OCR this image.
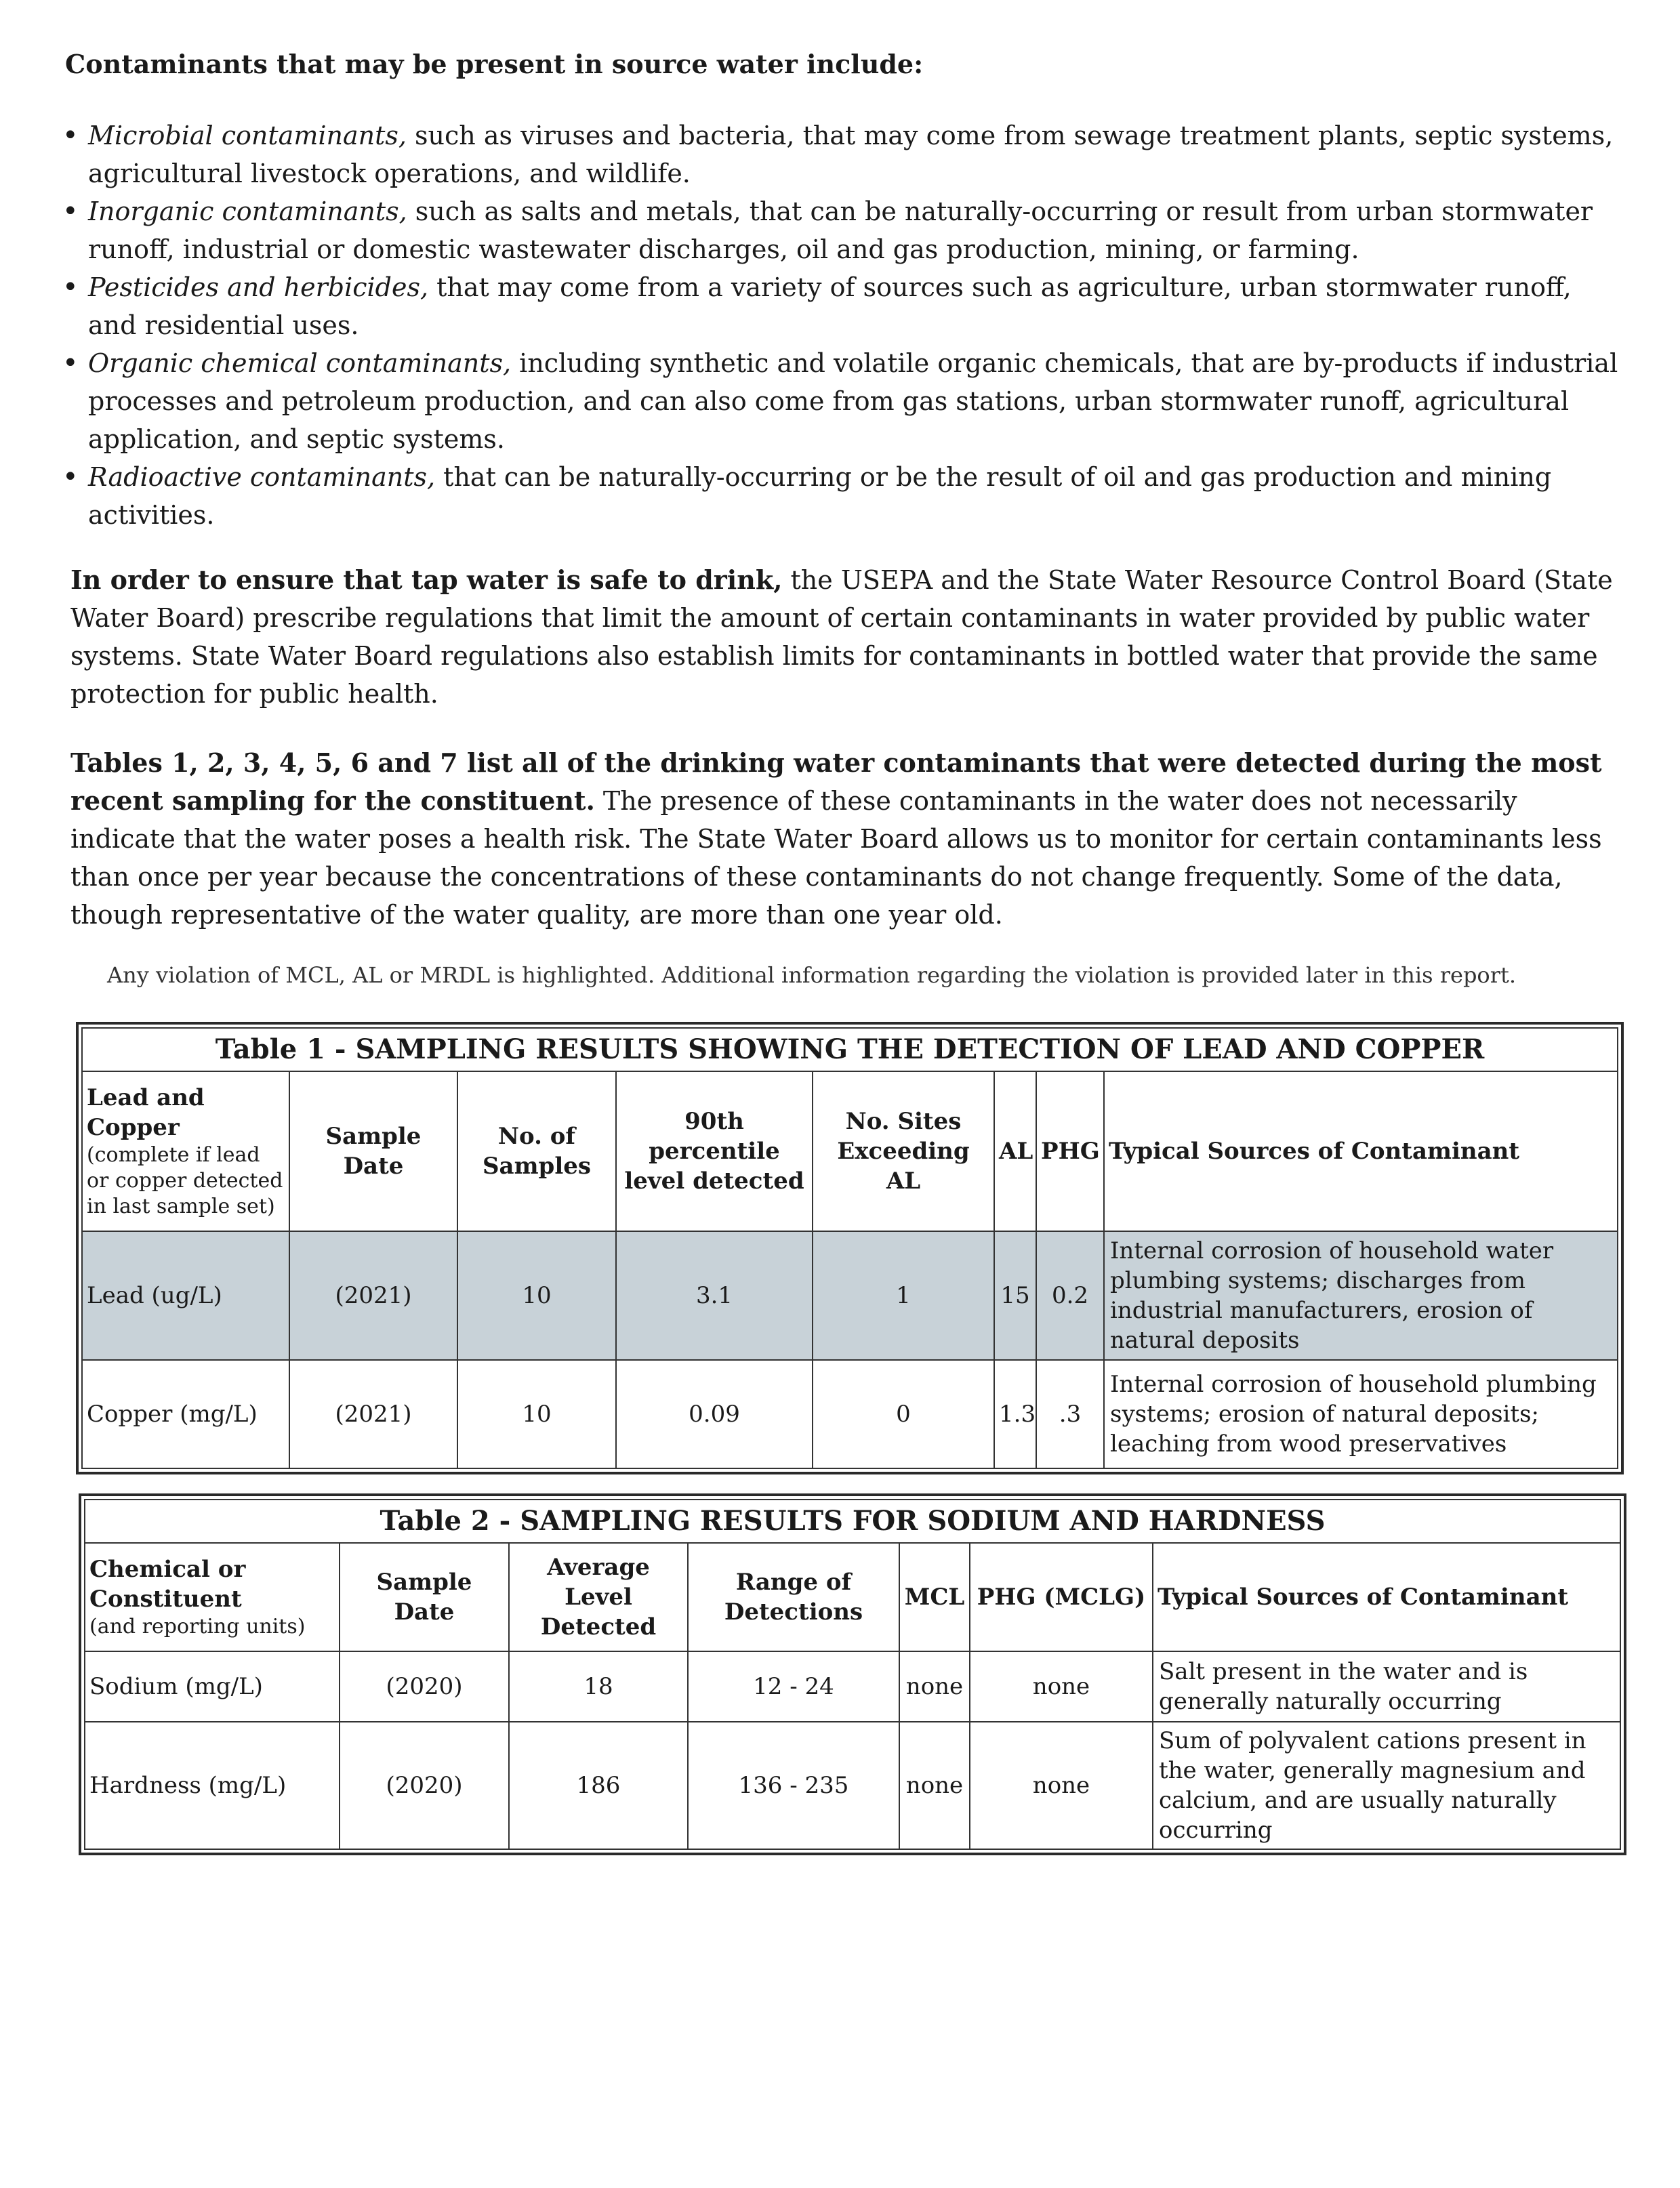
Contaminants that may be present in source water include:
• Microbial contaminants, such as viruses and bacteria, that may come from sewage treatment plants, septic systems, agricultural livestock operations, and wildlife.
• Inorganic contaminants, such as salts and metals, that can be naturally-occurring or result from urban stormwater runoff, industrial or domestic wastewater discharges, oil and gas production, mining, or farming.
• Pesticides and herbicides, that may come from a variety of sources such as agriculture, urban stormwater runoff, and residential uses.
• Organic chemical contaminants, including synthetic and volatile organic chemicals, that are by-products if industrial processes and petroleum production, and can also come from gas stations, urban stormwater runoff, agricultural application, and septic systems.
• Radioactive contaminants, that can be naturally-occurring or be the result of oil and gas production and mining activities.

In order to ensure that tap water is safe to drink, the USEPA and the State Water Resource Control Board (State Water Board) prescribe regulations that limit the amount of certain contaminants in water provided by public water systems. State Water Board regulations also establish limits for contaminants in bottled water that provide the same protection for public health.

Tables 1, 2, 3, 4, 5, 6 and 7 list all of the drinking water contaminants that were detected during the most recent sampling for the constituent. The presence of these contaminants in the water does not necessarily indicate that the water poses a health risk. The State Water Board allows us to monitor for certain contaminants less than once per year because the concentrations of these contaminants do not change frequently. Some of the data, though representative of the water quality, are more than one year old.

Any violation of MCL, AL or MRDL is highlighted. Additional information regarding the violation is provided later in this report.

Table 1 - SAMPLING RESULTS SHOWING THE DETECTION OF LEAD AND COPPER
Lead and Copper
(complete if lead or copper detected in last sample set)	Sample Date	No. of Samples	90th percentile level detected	No. Sites Exceeding AL	AL	PHG	Typical Sources of Contaminant
Lead (ug/L)	(2021)	10	3.1	1	15	0.2	Internal corrosion of household water plumbing systems; discharges from industrial manufacturers, erosion of natural deposits
Copper (mg/L)	(2021)	10	0.09	0	1.3	.3	Internal corrosion of household plumbing systems; erosion of natural deposits; leaching from wood preservatives
Table 2 - SAMPLING RESULTS FOR SODIUM AND HARDNESS
Chemical or Constituent
(and reporting units)	Sample Date	Average Level Detected	Range of Detections	MCL	PHG (MCLG)	Typical Sources of Contaminant
Sodium (mg/L)	(2020)	18	12 - 24	none	none	Salt present in the water and is generally naturally occurring
Hardness (mg/L)	(2020)	186	136 - 235	none	none	Sum of polyvalent cations present in the water, generally magnesium and calcium, and are usually naturally occurring
